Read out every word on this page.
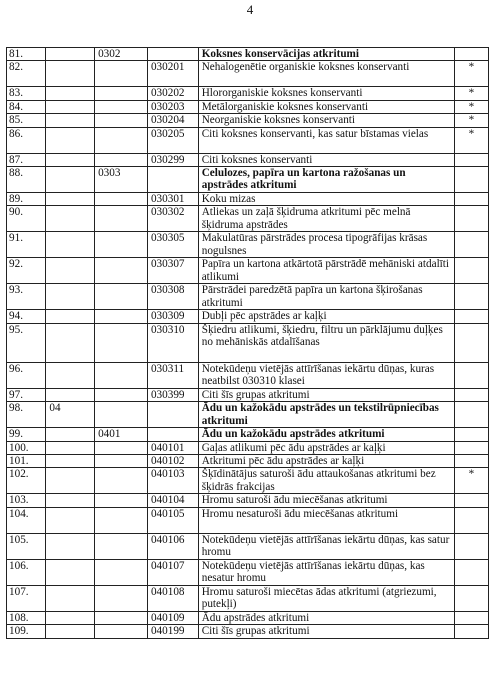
4
81.		0302		Koksnes konservācijas atkritumi	
82.			030201	Nehalogenētie organiskie koksnes konservanti	*
83.			030202	Hlororganiskie koksnes konservanti	*
84.			030203	Metālorganiskie koksnes konservanti	*
85.			030204	Neorganiskie koksnes konservanti	*
86.			030205	Citi koksnes konservanti, kas satur bīstamas vielas	*
87.			030299	Citi koksnes konservanti	
88.		0303		Celulozes, papīra un kartona ražošanas un apstrādes atkritumi	
89.			030301	Koku mizas	
90.			030302	Atliekas un zaļā šķidruma atkritumi pēc melnā šķidruma apstrādes	
91.			030305	Makulatūras pārstrādes procesa tipogrāfijas krāsas nogulsnes	
92.			030307	Papīra un kartona atkārtotā pārstrādē mehāniski atdalīti atlikumi	
93.			030308	Pārstrādei paredzētā papīra un kartona šķirošanas atkritumi	
94.			030309	Dubļi pēc apstrādes ar kaļķi	
95.			030310	Šķiedru atlikumi, šķiedru, filtru un pārklājumu duļķes no mehāniskās atdalīšanas	
96.			030311	Notekūdeņu vietējās attīrīšanas iekārtu dūņas, kuras neatbilst 030310 klasei	
97.			030399	Citi šīs grupas atkritumi	
98.	04			Ādu un kažokādu apstrādes un tekstilrūpniecības atkritumi	
99.		0401		Ādu un kažokādu apstrādes atkritumi	
100.			040101	Gaļas atlikumi pēc ādu apstrādes ar kaļķi	
101.			040102	Atkritumi pēc ādu apstrādes ar kaļķi	
102.			040103	Šķīdinātājus saturoši ādu attaukošanas atkritumi bez šķidrās frakcijas	*
103.			040104	Hromu saturoši ādu miecēšanas atkritumi	
104.			040105	Hromu nesaturoši ādu miecēšanas atkritumi	
105.			040106	Notekūdeņu vietējās attīrīšanas iekārtu dūņas, kas satur hromu	
106.			040107	Notekūdeņu vietējās attīrīšanas iekārtu dūņas, kas nesatur hromu	
107.			040108	Hromu saturoši miecētas ādas atkritumi (atgriezumi, putekļi)	
108.			040109	Ādu apstrādes atkritumi	
109.			040199	Citi šīs grupas atkritumi	
